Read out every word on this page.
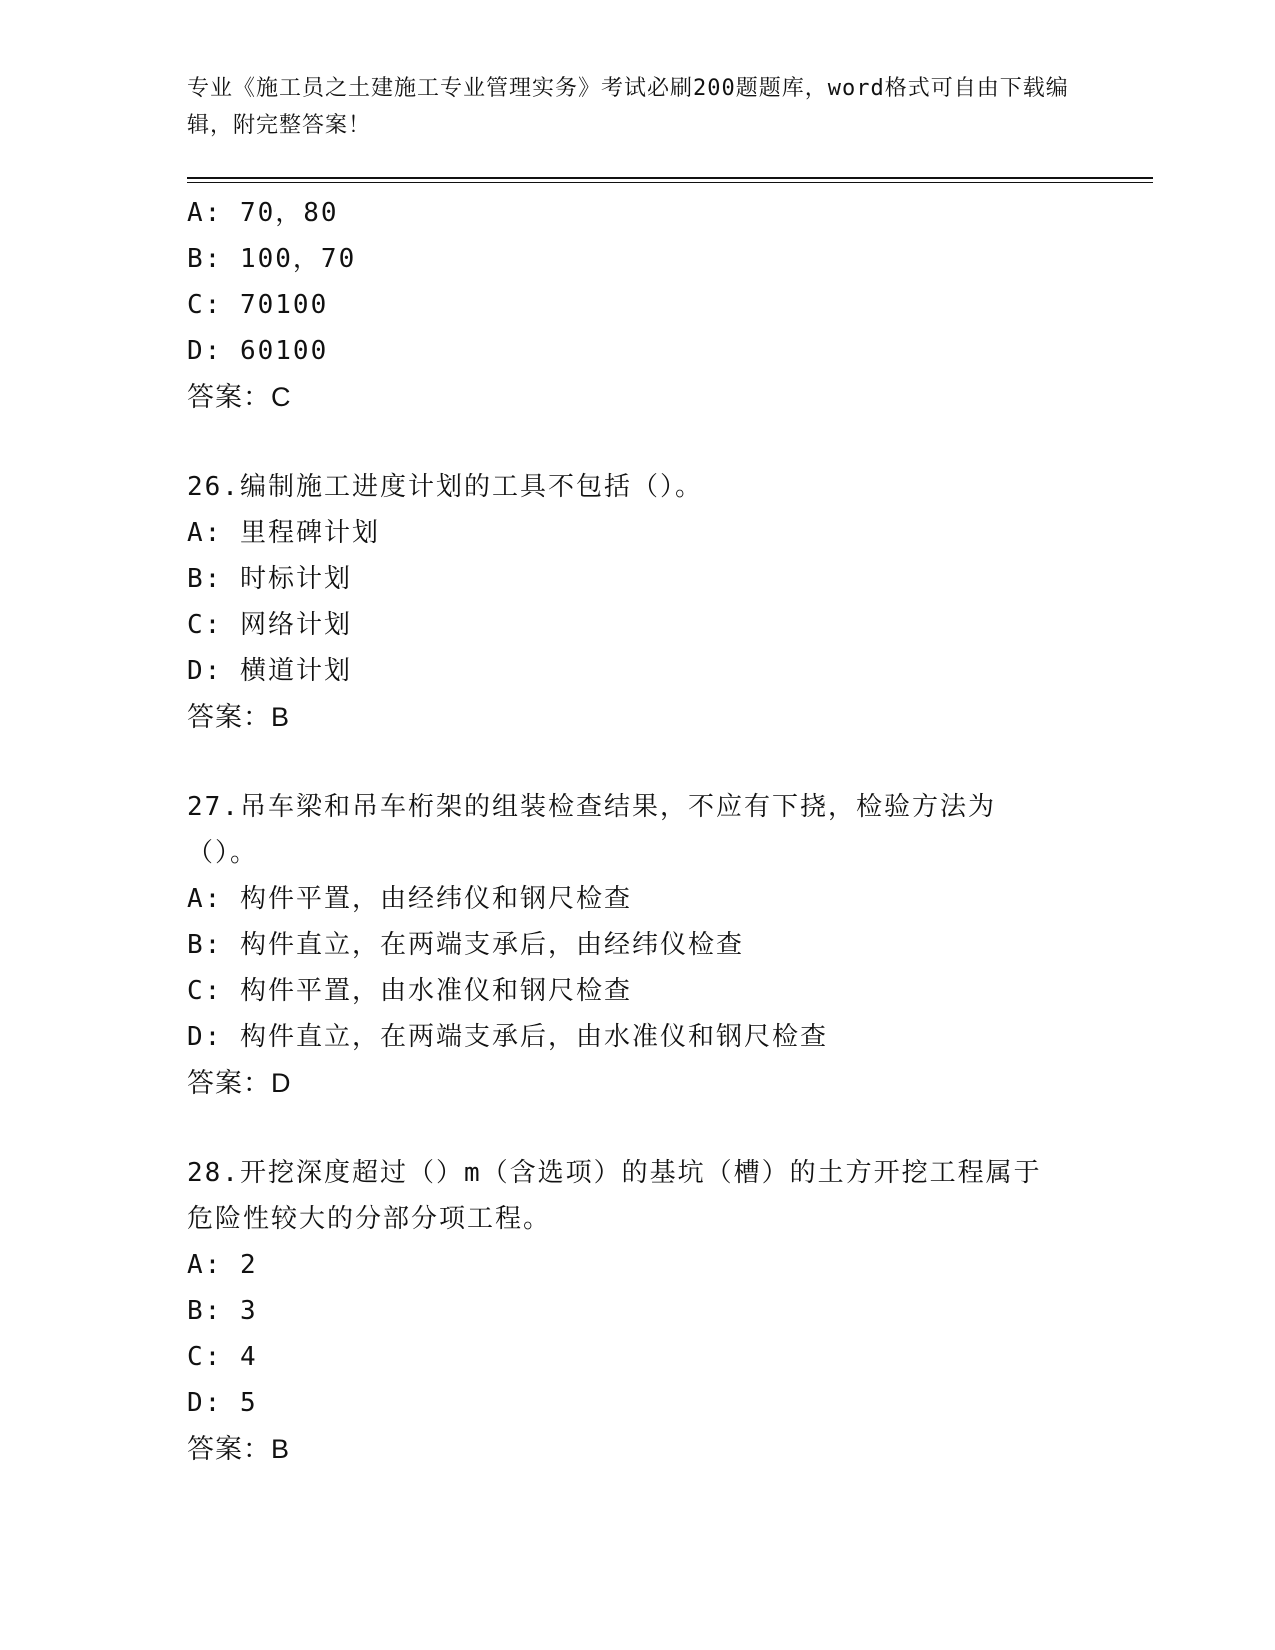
专业《施工员之土建施工专业管理实务》考试必刷200题题库，word格式可自由下载编辑，附完整答案！
A: 70，80
B: 100，70
C: 70100
D: 60100
答案：C
26.编制施工进度计划的工具不包括（）。
A: 里程碑计划
B: 时标计划
C: 网络计划
D: 横道计划
答案：B
27.吊车梁和吊车桁架的组装检查结果，不应有下挠，检验方法为（）。
A: 构件平置，由经纬仪和钢尺检查
B: 构件直立，在两端支承后，由经纬仪检查
C: 构件平置，由水准仪和钢尺检查
D: 构件直立，在两端支承后，由水准仪和钢尺检查
答案：D
28.开挖深度超过（）m（含选项）的基坑（槽）的土方开挖工程属于危险性较大的分部分项工程。
A: 2
B: 3
C: 4
D: 5
答案：B
